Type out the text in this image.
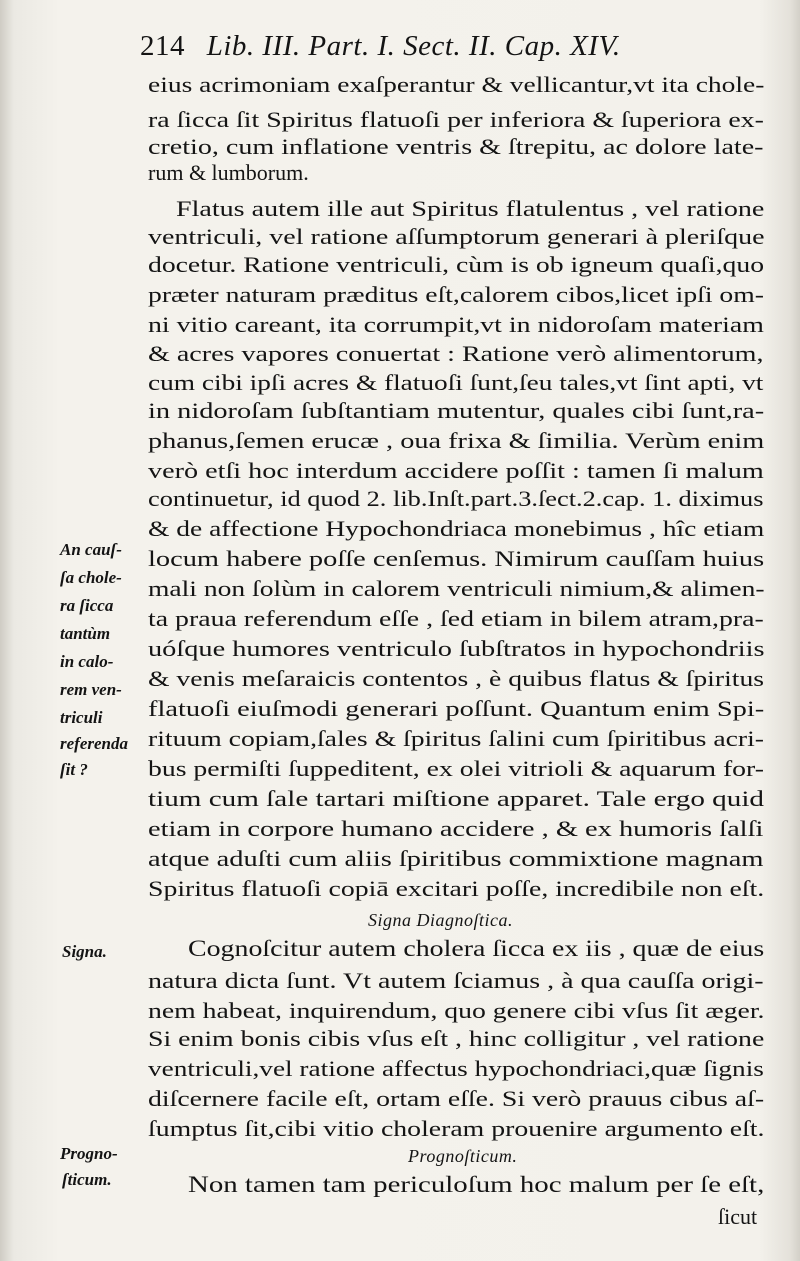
214 Lib. III. Part. I. Sect. II. Cap. XIV.
eius acrimoniam exaſperantur & vellicantur,vt ita chole-
ra ſicca ſit Spiritus flatuoſi per inferiora & ſuperiora ex-
cretio, cum inflatione ventris & ſtrepitu, ac dolore late-
rum & lumborum.
Flatus autem ille aut Spiritus flatulentus , vel ratione
ventriculi, vel ratione aſſumptorum generari à pleriſque
docetur. Ratione ventriculi, cùm is ob igneum quaſi,quo
præter naturam præditus eſt,calorem cibos,licet ipſi om-
ni vitio careant, ita corrumpit,vt in nidoroſam materiam
& acres vapores conuertat : Ratione verò alimentorum,
cum cibi ipſi acres & flatuoſi ſunt,ſeu tales,vt ſint apti, vt
in nidoroſam ſubſtantiam mutentur, quales cibi ſunt,ra-
phanus,ſemen erucæ , oua frixa & ſimilia. Verùm enim
verò etſi hoc interdum accidere poſſit : tamen ſi malum
continuetur, id quod 2. lib.Inſt.part.3.ſect.2.cap. 1. diximus
& de affectione Hypochondriaca monebimus , hîc etiam
locum habere poſſe cenſemus. Nimirum cauſſam huius
mali non ſolùm in calorem ventriculi nimium,& alimen-
ta praua referendum eſſe , ſed etiam in bilem atram,pra-
uóſque humores ventriculo ſubſtratos in hypochondriis
& venis meſaraicis contentos , è quibus flatus & ſpiritus
flatuoſi eiuſmodi generari poſſunt. Quantum enim Spi-
rituum copiam,ſales & ſpiritus ſalini cum ſpiritibus acri-
bus permiſti ſuppeditent, ex olei vitrioli & aquarum for-
tium cum ſale tartari miſtione apparet. Tale ergo quid
etiam in corpore humano accidere , & ex humoris ſalſi
atque aduſti cum aliis ſpiritibus commixtione magnam
Spiritus flatuoſi copiā excitari poſſe, incredibile non eſt.
Signa Diagnoſtica.
Cognoſcitur autem cholera ſicca ex iis , quæ de eius
natura dicta ſunt. Vt autem ſciamus , à qua cauſſa origi-
nem habeat, inquirendum, quo genere cibi vſus ſit æger.
Si enim bonis cibis vſus eſt , hinc colligitur , vel ratione
ventriculi,vel ratione affectus hypochondriaci,quæ ſignis
diſcernere facile eſt, ortam eſſe. Si verò prauus cibus aſ-
ſumptus ſit,cibi vitio choleram prouenire argumento eſt.
Prognoſticum.
Non tamen tam periculoſum hoc malum per ſe eſt,
ſicut
An cauſ-
ſa chole-
ra ſicca
tantùm
in calo-
rem ven-
triculi
referenda
ſit ?
Signa.
Progno-
ſticum.
